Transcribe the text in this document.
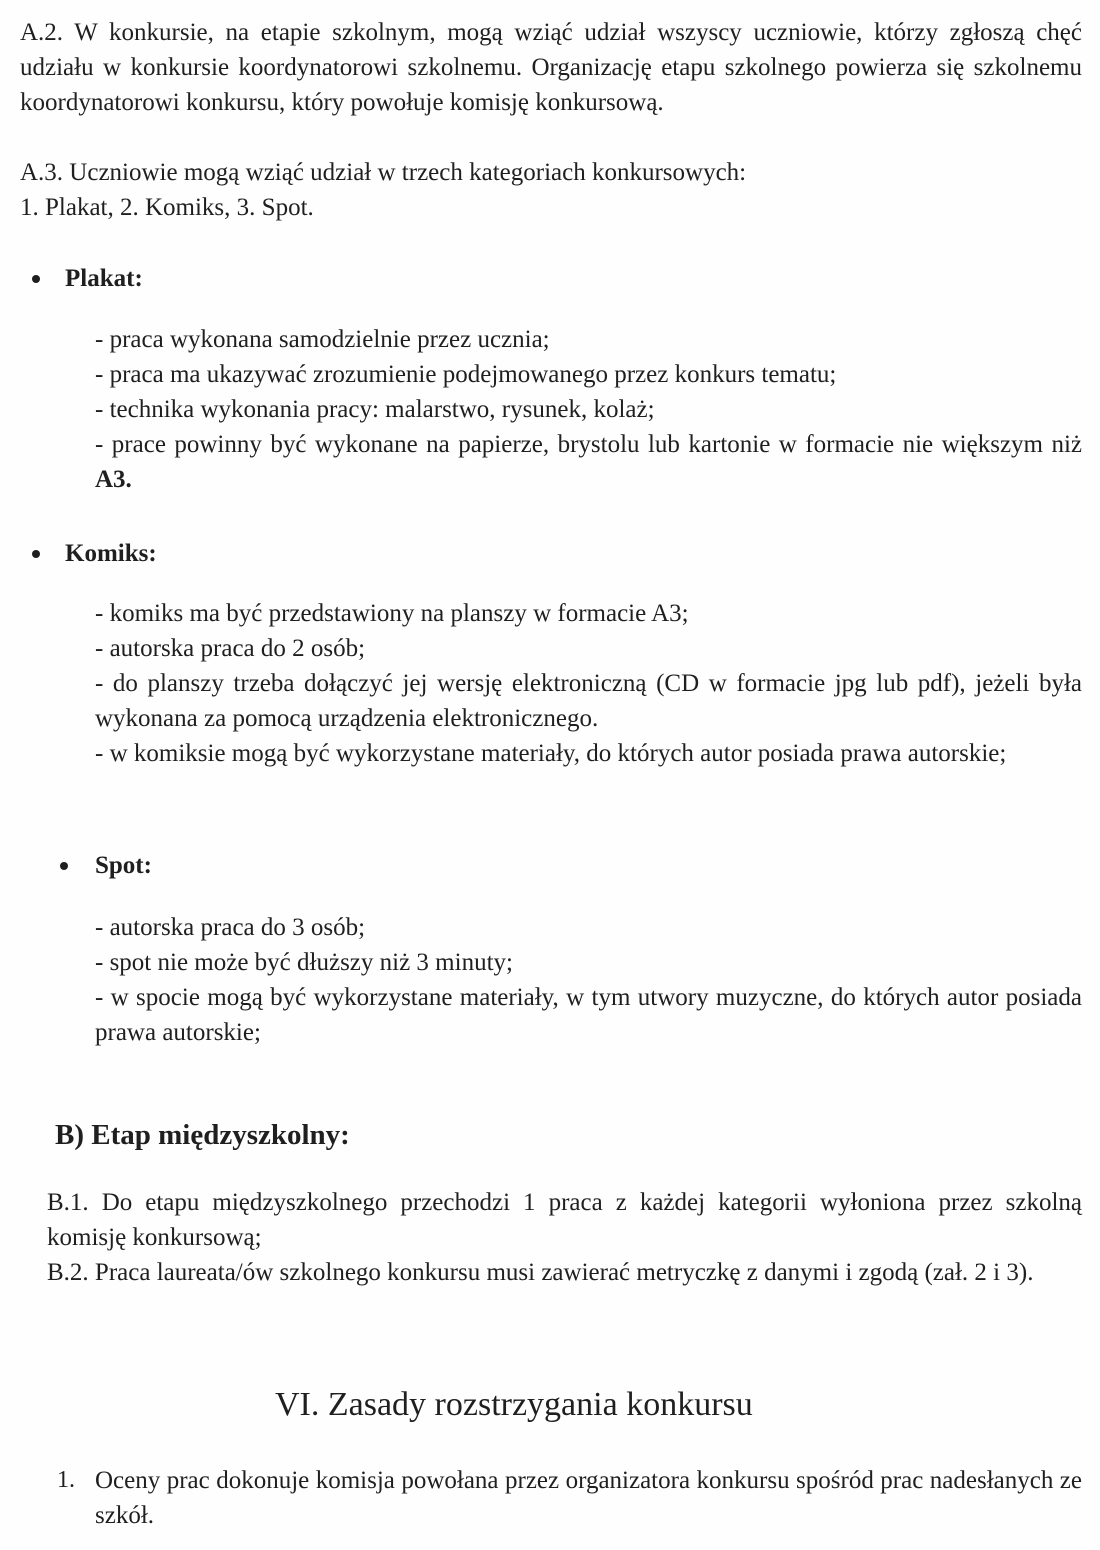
A.2. W konkursie, na etapie szkolnym, mogą wziąć udział wszyscy uczniowie, którzy zgłoszą chęć udziału w konkursie koordynatorowi szkolnemu. Organizację etapu szkolnego powierza się szkolnemu koordynatorowi konkursu, który powołuje komisję konkursową.

A.3. Uczniowie mogą wziąć udział w trzech kategoriach konkursowych:

1. Plakat, 2. Komiks, 3. Spot.

Plakat:

- praca wykonana samodzielnie przez ucznia;

- praca ma ukazywać zrozumienie podejmowanego przez konkurs tematu;

- technika wykonania pracy: malarstwo, rysunek, kolaż;

- prace powinny być wykonane na papierze, brystolu lub kartonie w formacie nie większym niż A3.

Komiks:

- komiks ma być przedstawiony na planszy w formacie A3;

- autorska praca do 2 osób;

- do planszy trzeba dołączyć jej wersję elektroniczną (CD w formacie jpg lub pdf), jeżeli była wykonana za pomocą urządzenia elektronicznego.

- w komiksie mogą być wykorzystane materiały, do których autor posiada prawa autorskie;

Spot:

- autorska praca do 3 osób;

- spot nie może być dłuższy niż 3 minuty;

- w spocie mogą być wykorzystane materiały, w tym utwory muzyczne, do których autor posiada prawa autorskie;

B) Etap międzyszkolny:

B.1. Do etapu międzyszkolnego przechodzi 1 praca z każdej kategorii wyłoniona przez szkolną komisję konkursową;

B.2. Praca laureata/ów szkolnego konkursu musi zawierać metryczkę z danymi i zgodą (zał. 2 i 3).

VI. Zasady rozstrzygania konkursu
1. Oceny prac dokonuje komisja powołana przez organizatora konkursu spośród prac nadesłanych ze szkół.
